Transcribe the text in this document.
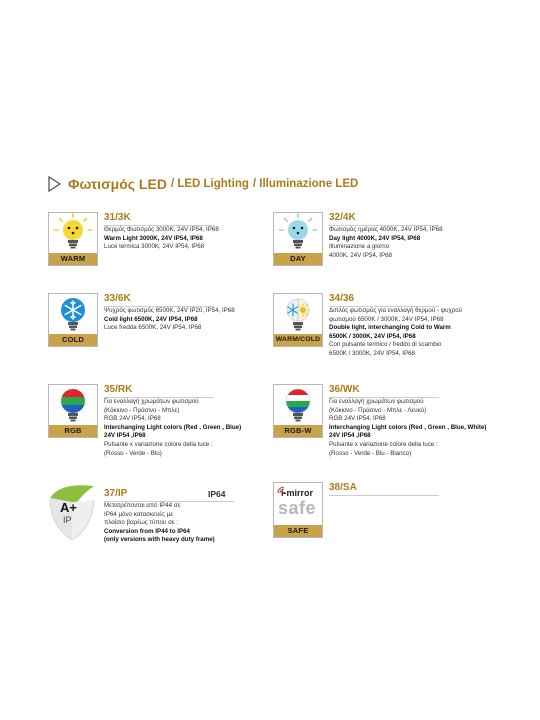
Φωτισμός LED / LED Lighting / Illuminazione LED
WARM
31/3K
Θερμός Φωτισμός 3000K, 24V IP54, IP68
Warm Light 3000K, 24V IP54, IP68
Luce termica 3000K, 24V IP54, IP68
DAY
32/4K
Φωτισμός ημέρας 4000K, 24V IP54, IP68
Day light 4000K, 24V IP54, IP68
Illuminazione a giorno
4000K, 24V IP54, IP68
COLD
33/6K
Ψυχρός φωτισμός 6500K, 24V IP20, IP54, IP68
Cold light 6500K, 24V IP54, IP68
Luce fredda 6500K, 24V IP54, IP68
WARM/COLD
34/36
Διπλός φωτισμός για εναλλαγή θερμού - ψυχρού
φωτισμού 6500K / 3000K, 24V IP54, IP68
Double light, interchanging Cold to Warm
6500K / 3000K, 24V IP54, IP68
Con pulsante termico / freddo di scambio
6500K / 3000K, 24V IP54, IP68
RGB
35/RK
Για εναλλαγή χρωμάτων φωτισμού
(Κόκκινο - Πράσινο - Μπλε)
RGB 24V IP54, IP68
Interchanging Light colors (Red , Green , Blue)
24V IP54 ,IP68
Pulsante x variazione colore della luce :
(Rosso - Verde - Blu)
RGB-W
36/WK
Για εναλλαγή χρωμάτων φωτισμού
(Κόκκινο - Πράσινο - Μπλε - Λευκό)
RGB 24V IP54, IP68
Interchanging Light colors (Red , Green , Blue, White)
24V IP54 ,IP68
Pulsante x variazione colore della luce :
(Rosso - Verde - Blu - Bianco)
A+
IP
37/IP	IP64
Μετατρέπονται από IP44 σε
IP64 μόνο κατασκευές με
πλαίσιο βαρέως τύπου σε :
Conversion from IP44 to IP64
(only versions with heavy duty frame)
i-mirror
safe
SAFE
38/SA
